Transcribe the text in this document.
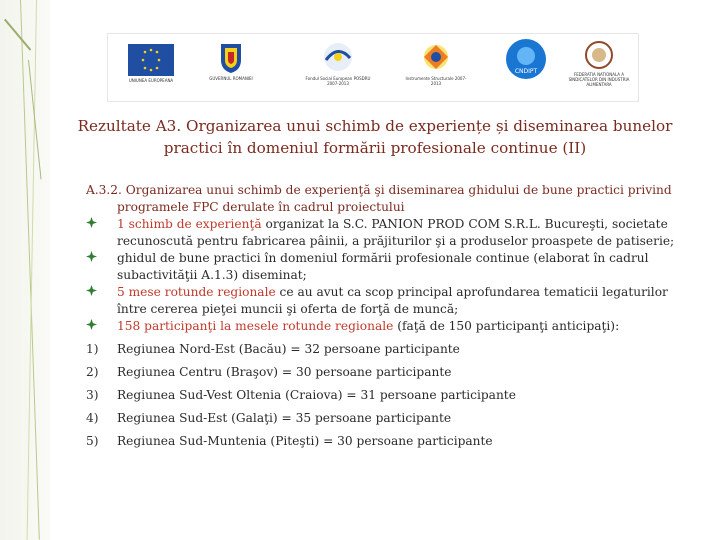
UNIUNEA EUROPEANA	GUVERNUL ROMANIEI	Fondul Social European POSDRU 2007-2013
Instrumente Structurale 2007-2013
CNDIPT	FEDERATIA NATIONALA A SINDICATELOR DIN INDUSTRIA ALIMENTARA
Rezultate A3. Organizarea unui schimb de experiențe și diseminarea bunelor practici în domeniul formării profesionale continue (II)
A.3.2. Organizarea unui schimb de experienţă şi diseminarea ghidului de bune practici privind programele FPC derulate în cadrul proiectului
1 schimb de experienţă organizat la S.C. PANION PROD COM S.R.L. Bucureşti, societate recunoscută pentru fabricarea pâinii, a prăjiturilor şi a produselor proaspete de patiserie;
ghidul de bune practici în domeniul formării profesionale continue (elaborat în cadrul subactivităţii A.1.3) diseminat;
5 mese rotunde regionale ce au avut ca scop principal aprofundarea tematicii legaturilor între cererea pieţei muncii şi oferta de forţă de muncă;
158 participanţi la mesele rotunde regionale (faţă de 150 participanţi anticipaţi):
1) Regiunea Nord-Est (Bacău) = 32 persoane participante
2) Regiunea Centru (Braşov) = 30 persoane participante
3) Regiunea Sud-Vest Oltenia (Craiova) = 31 persoane participante
4) Regiunea Sud-Est (Galaţi) = 35 persoane participante
5) Regiunea Sud-Muntenia (Piteşti) = 30 persoane participante
